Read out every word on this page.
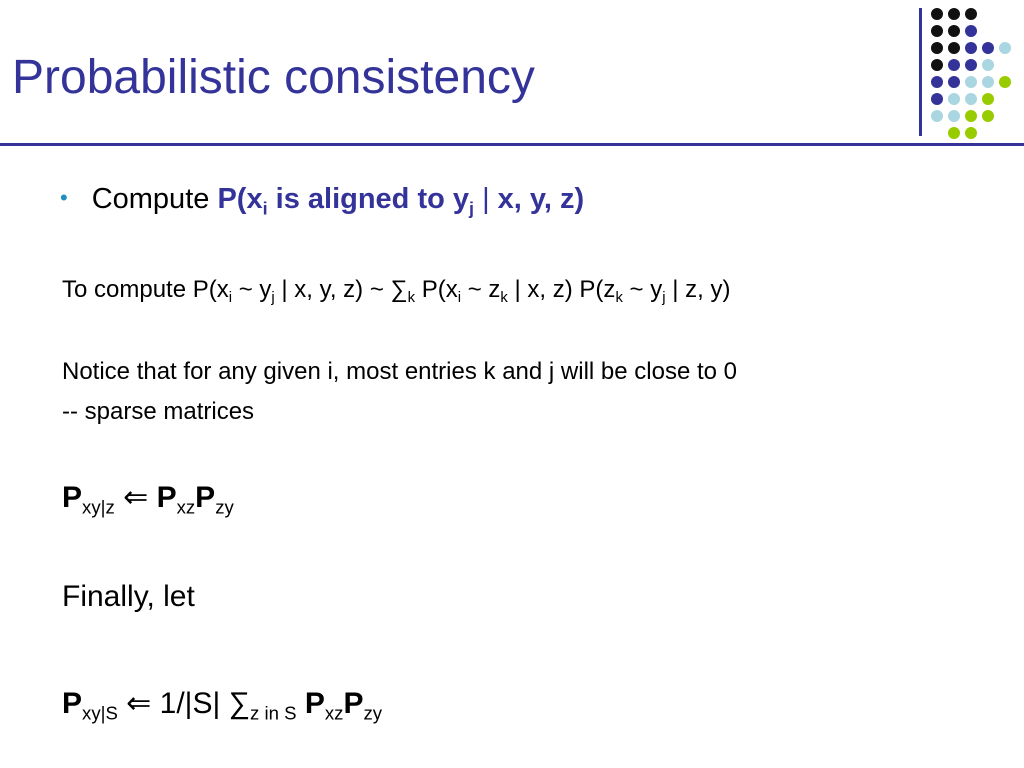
Probabilistic consistency
• Compute $P(x_i$ is aligned to $y_j$ | x, y, z)
To compute $P(x_i$ ~ $y_j$ | x, y, z) ~ $\sum_k$ $P(x_i$ ~ $z_k$ | x, z) $P(z_k$ ~ $y_j$ | z, y)
Notice that for any given i, most entries k and j will be close to 0
-- sparse matrices
$P_{xy|z}$ ⇐ $P_{xz}P_{zy}$
Finally, let
$P_{xy|S}$ ⇐ 1/|S| $\sum_{z in S}$ $P_{xz}P_{zy}$
